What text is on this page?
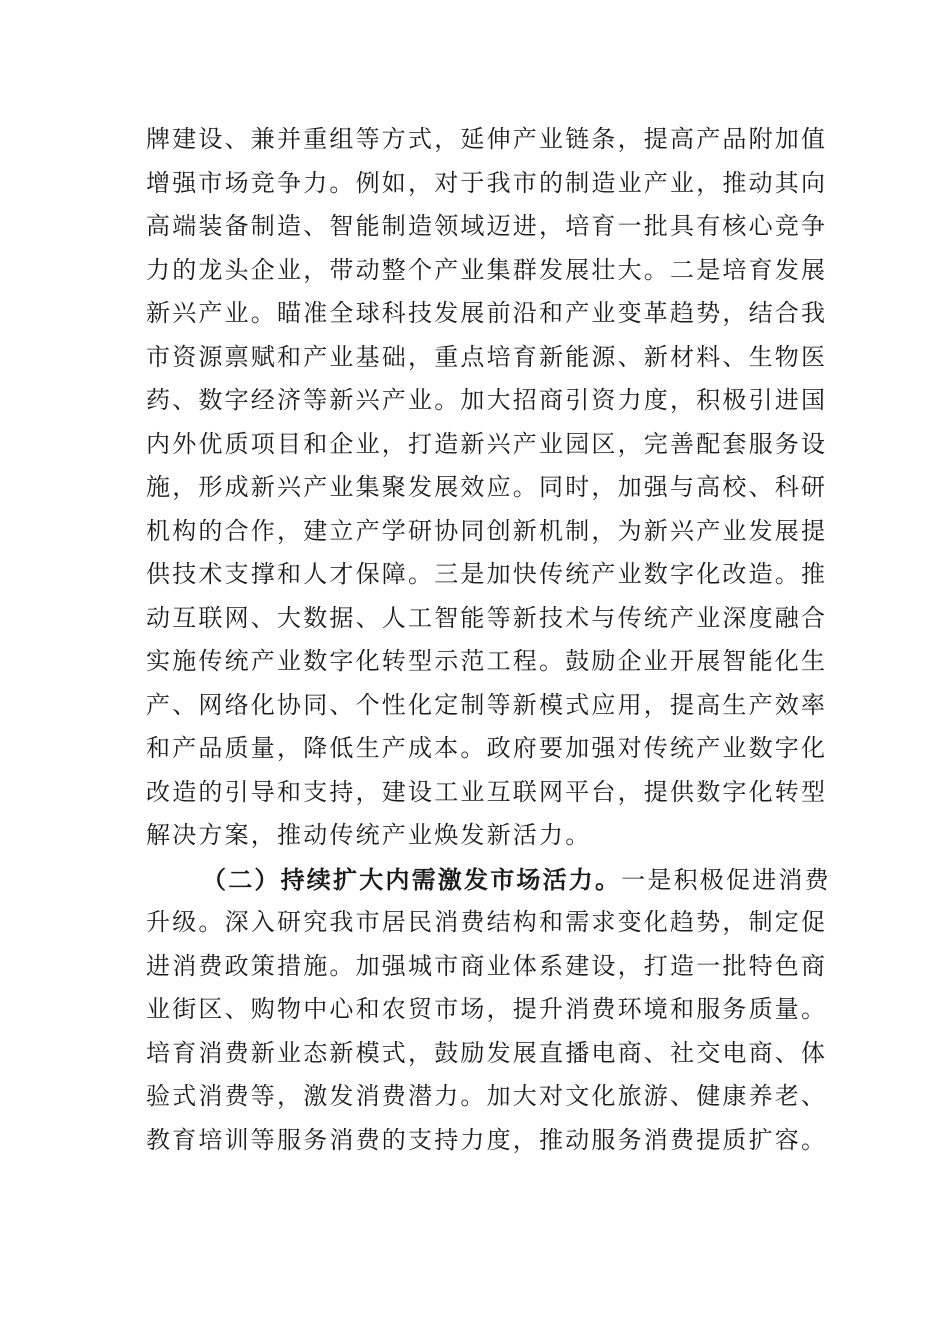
牌建设、兼并重组等方式，延伸产业链条，提高产品附加值
增强市场竞争力。例如，对于我市的制造业产业，推动其向
高端装备制造、智能制造领域迈进，培育一批具有核心竞争
力的龙头企业，带动整个产业集群发展壮大。二是培育发展
新兴产业。瞄准全球科技发展前沿和产业变革趋势，结合我
市资源禀赋和产业基础，重点培育新能源、新材料、生物医
药、数字经济等新兴产业。加大招商引资力度，积极引进国
内外优质项目和企业，打造新兴产业园区，完善配套服务设
施，形成新兴产业集聚发展效应。同时，加强与高校、科研
机构的合作，建立产学研协同创新机制，为新兴产业发展提
供技术支撑和人才保障。三是加快传统产业数字化改造。推
动互联网、大数据、人工智能等新技术与传统产业深度融合
实施传统产业数字化转型示范工程。鼓励企业开展智能化生
产、网络化协同、个性化定制等新模式应用，提高生产效率
和产品质量，降低生产成本。政府要加强对传统产业数字化
改造的引导和支持，建设工业互联网平台，提供数字化转型
解决方案，推动传统产业焕发新活力。
（二）持续扩大内需激发市场活力。一是积极促进消费
升级。深入研究我市居民消费结构和需求变化趋势，制定促
进消费政策措施。加强城市商业体系建设，打造一批特色商
业街区、购物中心和农贸市场，提升消费环境和服务质量。
培育消费新业态新模式，鼓励发展直播电商、社交电商、体
验式消费等，激发消费潜力。加大对文化旅游、健康养老、
教育培训等服务消费的支持力度，推动服务消费提质扩容。
